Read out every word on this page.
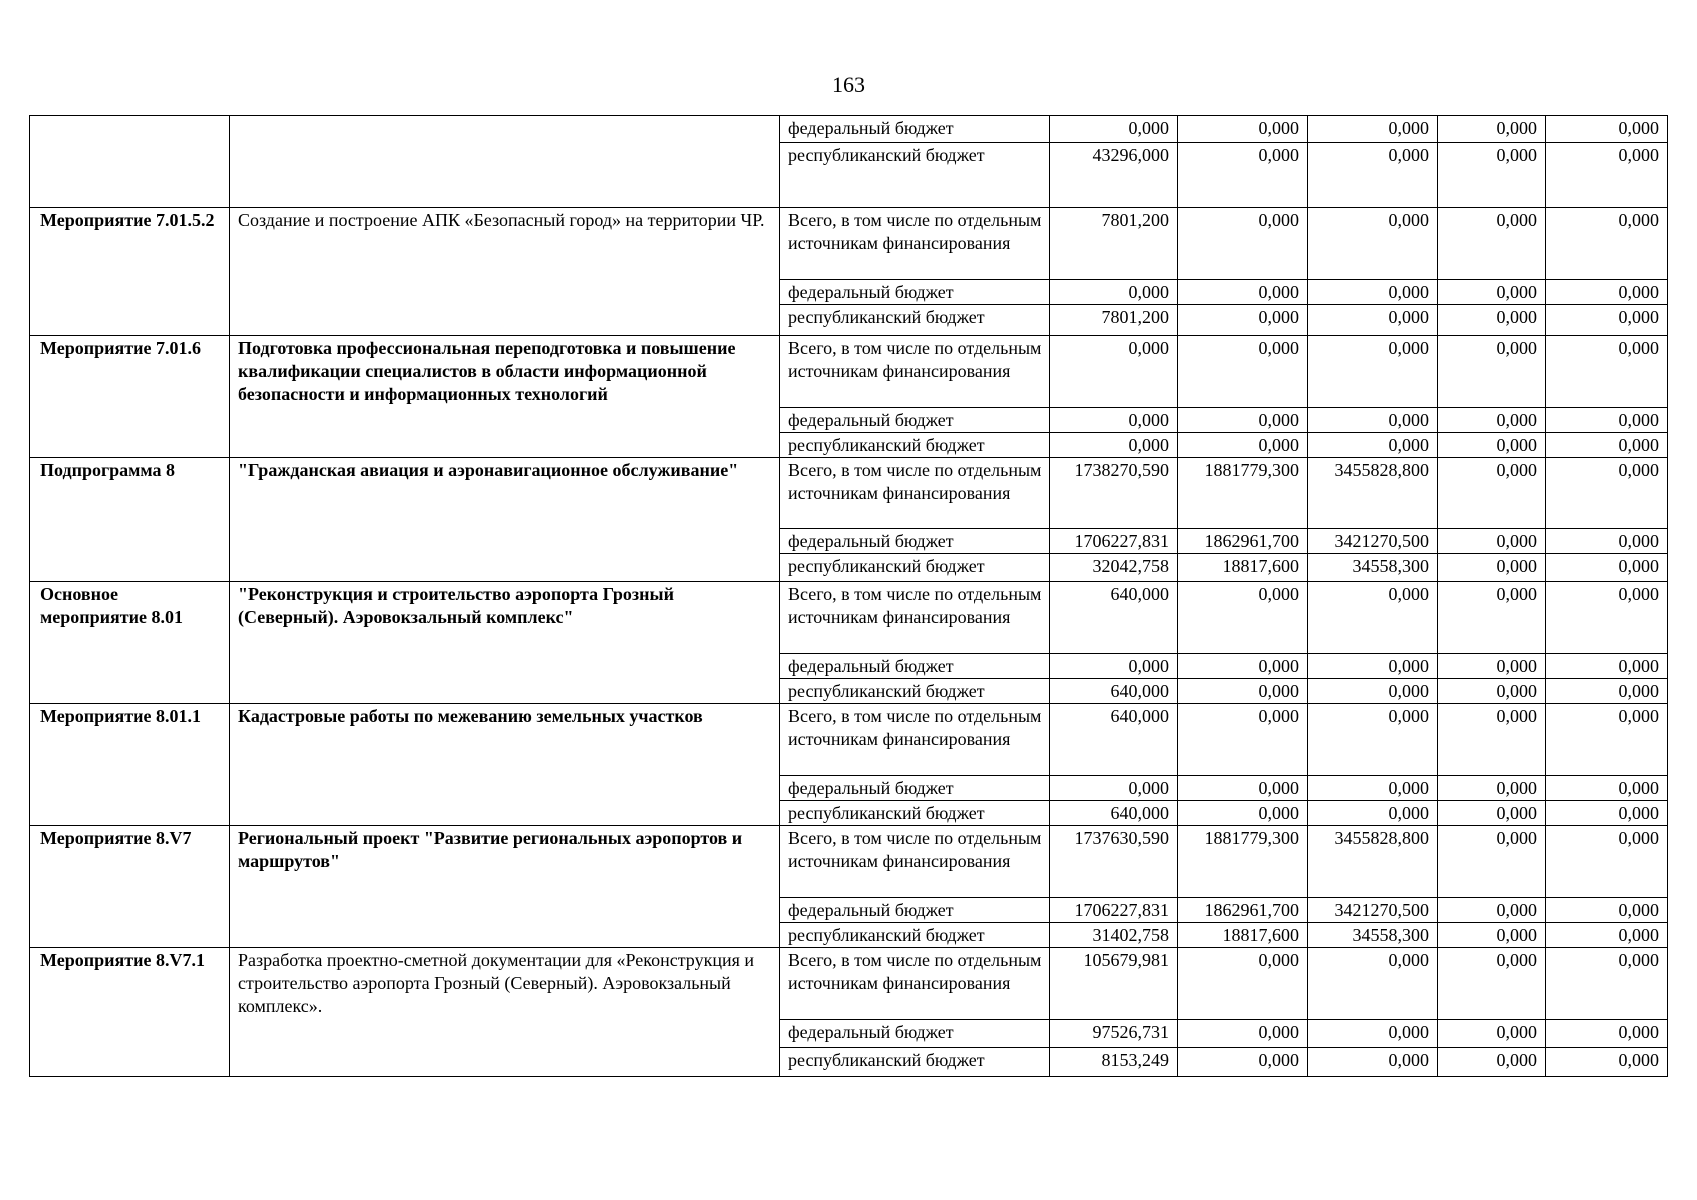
163
		федеральный бюджет	0,000	0,000	0,000	0,000	0,000
		республиканский бюджет	43296,000	0,000	0,000	0,000	0,000
Мероприятие 7.01.5.2	Создание и построение АПК «Безопасный город» на территории ЧР.	Всего, в том числе по отдельным источникам финансирования	7801,200	0,000	0,000	0,000	0,000
		федеральный бюджет	0,000	0,000	0,000	0,000	0,000
		республиканский бюджет	7801,200	0,000	0,000	0,000	0,000
Мероприятие 7.01.6	Подготовка профессиональная переподготовка и повышение квалификации специалистов в области информационной безопасности и информационных технологий	Всего, в том числе по отдельным источникам финансирования	0,000	0,000	0,000	0,000	0,000
		федеральный бюджет	0,000	0,000	0,000	0,000	0,000
		республиканский бюджет	0,000	0,000	0,000	0,000	0,000
Подпрограмма 8	"Гражданская авиация и аэронавигационное обслуживание"	Всего, в том числе по отдельным источникам финансирования	1738270,590	1881779,300	3455828,800	0,000	0,000
		федеральный бюджет	1706227,831	1862961,700	3421270,500	0,000	0,000
		республиканский бюджет	32042,758	18817,600	34558,300	0,000	0,000
Основное мероприятие 8.01	"Реконструкция и строительство аэропорта Грозный (Северный). Аэровокзальный комплекс"	Всего, в том числе по отдельным источникам финансирования	640,000	0,000	0,000	0,000	0,000
		федеральный бюджет	0,000	0,000	0,000	0,000	0,000
		республиканский бюджет	640,000	0,000	0,000	0,000	0,000
Мероприятие 8.01.1	Кадастровые работы по межеванию земельных участков	Всего, в том числе по отдельным источникам финансирования	640,000	0,000	0,000	0,000	0,000
		федеральный бюджет	0,000	0,000	0,000	0,000	0,000
		республиканский бюджет	640,000	0,000	0,000	0,000	0,000
Мероприятие 8.V7	Региональный проект "Развитие региональных аэропортов и маршрутов"	Всего, в том числе по отдельным источникам финансирования	1737630,590	1881779,300	3455828,800	0,000	0,000
		федеральный бюджет	1706227,831	1862961,700	3421270,500	0,000	0,000
		республиканский бюджет	31402,758	18817,600	34558,300	0,000	0,000
Мероприятие 8.V7.1	Разработка проектно-сметной документации для «Реконструкция и строительство аэропорта Грозный (Северный). Аэровокзальный комплекс».	Всего, в том числе по отдельным источникам финансирования	105679,981	0,000	0,000	0,000	0,000
		федеральный бюджет	97526,731	0,000	0,000	0,000	0,000
		республиканский бюджет	8153,249	0,000	0,000	0,000	0,000
